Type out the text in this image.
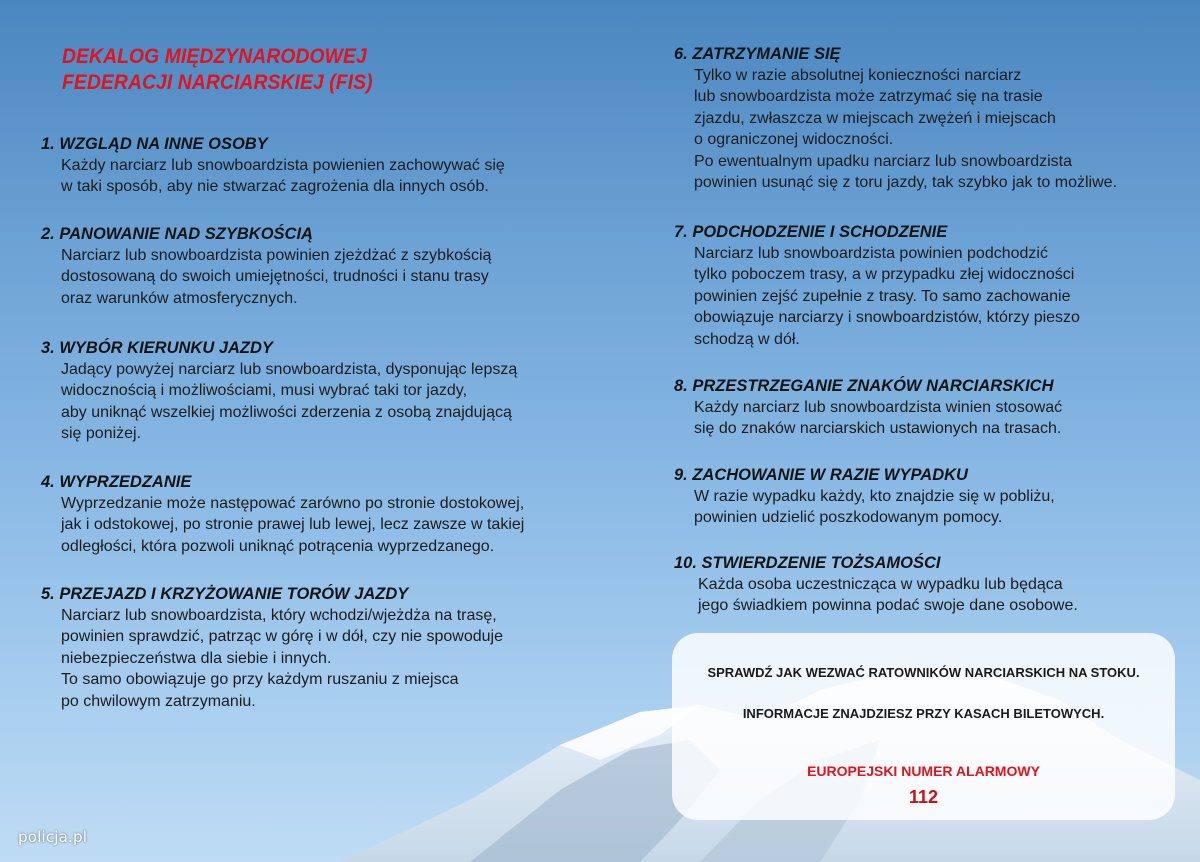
DEKALOG MIĘDZYNARODOWEJ
FEDERACJI NARCIARSKIEJ (FIS)
1. WZGLĄD NA INNE OSOBY
Każdy narciarz lub snowboardzista powienien zachowywać się
w taki sposób, aby nie stwarzać zagrożenia dla innych osób.
2. PANOWANIE NAD SZYBKOŚCIĄ
Narciarz lub snowboardzista powinien zjeżdżać z szybkością
dostosowaną do swoich umiejętności, trudności i stanu trasy
oraz warunków atmosferycznych.
3. WYBÓR KIERUNKU JAZDY
Jadący powyżej narciarz lub snowboardzista, dysponując lepszą
widocznością i możliwościami, musi wybrać taki tor jazdy,
aby uniknąć wszelkiej możliwości zderzenia z osobą znajdującą
się poniżej.
4. WYPRZEDZANIE
Wyprzedzanie może następować zarówno po stronie dostokowej,
jak i odstokowej, po stronie prawej lub lewej, lecz zawsze w takiej
odległości, która pozwoli uniknąć potrącenia wyprzedzanego.
5. PRZEJAZD I KRZYŻOWANIE TORÓW JAZDY
Narciarz lub snowboardzista, który wchodzi/wjeżdża na trasę,
powinien sprawdzić, patrząc w górę i w dół, czy nie spowoduje
niebezpieczeństwa dla siebie i innych.
To samo obowiązuje go przy każdym ruszaniu z miejsca
po chwilowym zatrzymaniu.
6. ZATRZYMANIE SIĘ
Tylko w razie absolutnej konieczności narciarz
lub snowboardzista może zatrzymać się na trasie
zjazdu, zwłaszcza w miejscach zwężeń i miejscach
o ograniczonej widoczności.
Po ewentualnym upadku narciarz lub snowboardzista
powinien usunąć się z toru jazdy, tak szybko jak to możliwe.
7. PODCHODZENIE I SCHODZENIE
Narciarz lub snowboardzista powinien podchodzić
tylko poboczem trasy, a w przypadku złej widoczności
powinien zejść zupełnie z trasy. To samo zachowanie
obowiązuje narciarzy i snowboardzistów, którzy pieszo
schodzą w dół.
8. PRZESTRZEGANIE ZNAKÓW NARCIARSKICH
Każdy narciarz lub snowboardzista winien stosować
się do znaków narciarskich ustawionych na trasach.
9. ZACHOWANIE W RAZIE WYPADKU
W razie wypadku każdy, kto znajdzie się w pobliżu,
powinien udzielić poszkodowanym pomocy.
10. STWIERDZENIE TOŻSAMOŚCI
Każda osoba uczestnicząca w wypadku lub będąca
jego świadkiem powinna podać swoje dane osobowe.
SPRAWDŹ JAK WEZWAĆ RATOWNIKÓW NARCIARSKICH NA STOKU.
INFORMACJE ZNAJDZIESZ PRZY KASACH BILETOWYCH.
EUROPEJSKI NUMER ALARMOWY
112
policja.pl
